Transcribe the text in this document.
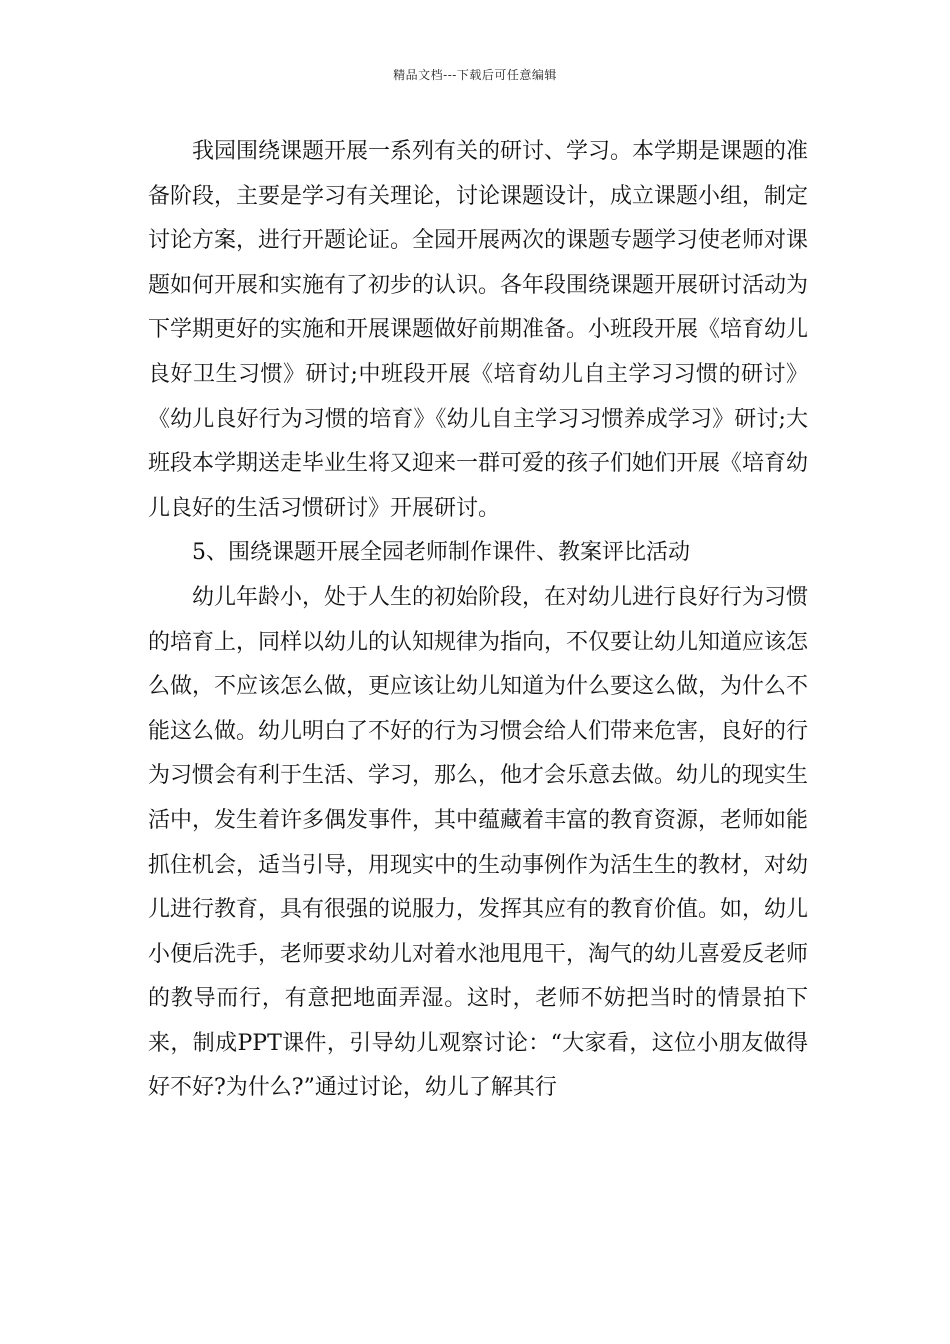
精品文档---下载后可任意编辑

我园围绕课题开展一系列有关的研讨、学习。本学期是课题的准备阶段，主要是学习有关理论，讨论课题设计，成立课题小组，制定讨论方案，进行开题论证。全园开展两次的课题专题学习使老师对课题如何开展和实施有了初步的认识。各年段围绕课题开展研讨活动为下学期更好的实施和开展课题做好前期准备。小班段开展《培育幼儿良好卫生习惯》研讨;中班段开展《培育幼儿自主学习习惯的研讨》《幼儿良好行为习惯的培育》《幼儿自主学习习惯养成学习》研讨;大班段本学期送走毕业生将又迎来一群可爱的孩子们她们开展《培育幼儿良好的生活习惯研讨》开展研讨。

5、围绕课题开展全园老师制作课件、教案评比活动

幼儿年龄小，处于人生的初始阶段，在对幼儿进行良好行为习惯的培育上，同样以幼儿的认知规律为指向，不仅要让幼儿知道应该怎么做，不应该怎么做，更应该让幼儿知道为什么要这么做，为什么不能这么做。幼儿明白了不好的行为习惯会给人们带来危害，良好的行为习惯会有利于生活、学习，那么，他才会乐意去做。幼儿的现实生活中，发生着许多偶发事件，其中蕴藏着丰富的教育资源，老师如能抓住机会，适当引导，用现实中的生动事例作为活生生的教材，对幼儿进行教育，具有很强的说服力，发挥其应有的教育价值。如，幼儿小便后洗手，老师要求幼儿对着水池甩甩干，淘气的幼儿喜爱反老师的教导而行，有意把地面弄湿。这时，老师不妨把当时的情景拍下来，制成PPT课件，引导幼儿观察讨论：“大家看，这位小朋友做得好不好?为什么?”通过讨论，幼儿了解其行
